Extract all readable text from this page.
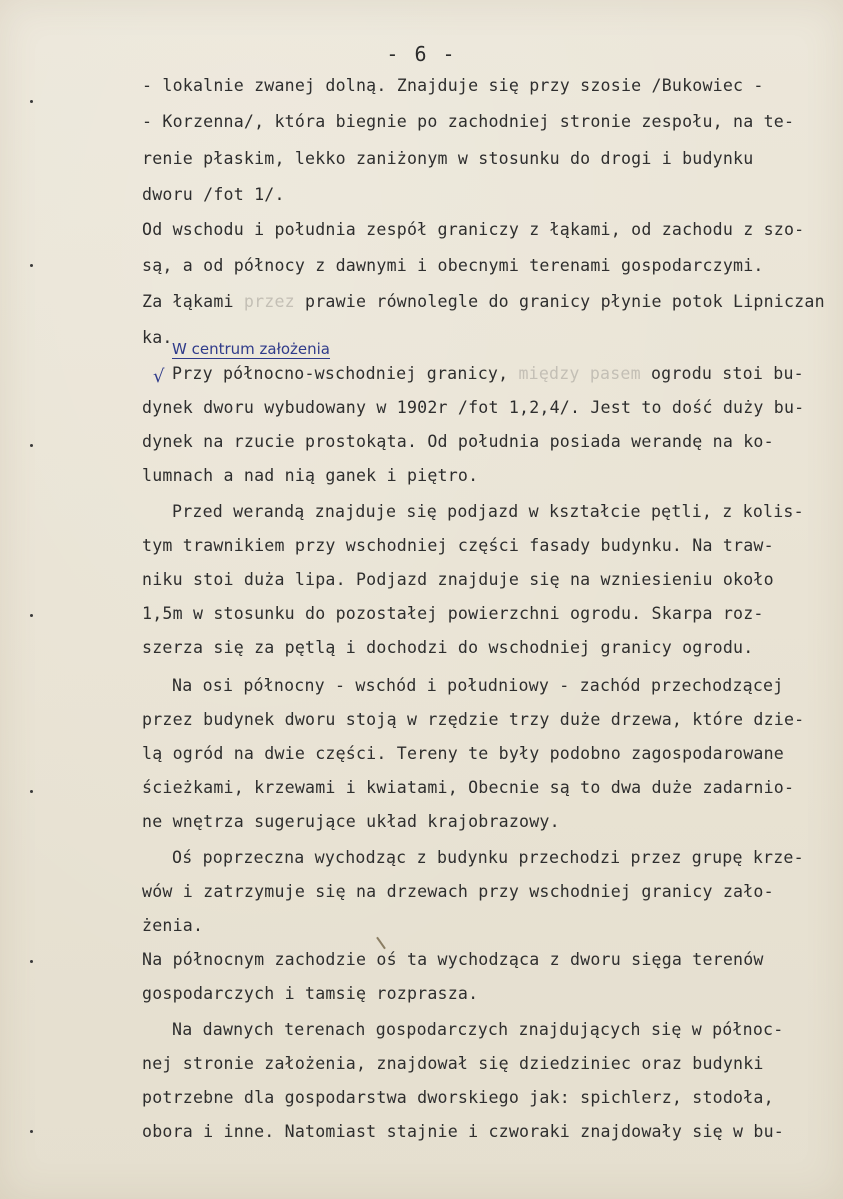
- 6 -
W centrum założenia
√
- lokalnie zwanej dolną. Znajduje się przy szosie /Bukowiec -
- Korzenna/, która biegnie po zachodniej stronie zespołu, na te-
renie płaskim, lekko zaniżonym w stosunku do drogi i budynku
dworu /fot 1/.
Od wschodu i południa zespół graniczy z łąkami, od zachodu z szo-
są, a od północy z dawnymi i obecnymi terenami gospodarczymi.
Za łąkami przez prawie równolegle do granicy płynie potok Lipniczan
ka.
Przy północno-wschodniej granicy, między pasem ogrodu stoi bu-
dynek dworu wybudowany w 1902r /fot 1,2,4/. Jest to dość duży bu-
dynek na rzucie prostokąta. Od południa posiada werandę na ko-
lumnach a nad nią ganek i piętro.
Przed werandą znajduje się podjazd w kształcie pętli, z kolis-
tym trawnikiem przy wschodniej części fasady budynku. Na traw-
niku stoi duża lipa. Podjazd znajduje się na wzniesieniu około
1,5m w stosunku do pozostałej powierzchni ogrodu. Skarpa roz-
szerza się za pętlą i dochodzi do wschodniej granicy ogrodu.
Na osi północny - wschód i południowy - zachód przechodzącej
przez budynek dworu stoją w rzędzie trzy duże drzewa, które dzie-
lą ogród na dwie części. Tereny te były podobno zagospodarowane
ścieżkami, krzewami i kwiatami, Obecnie są to dwa duże zadarnio-
ne wnętrza sugerujące układ krajobrazowy.
Oś poprzeczna wychodząc z budynku przechodzi przez grupę krze-
wów i zatrzymuje się na drzewach przy wschodniej granicy zało-
żenia.
Na północnym zachodzie oś ta wychodząca z dworu sięga terenów
gospodarczych i tamsię rozprasza.
Na dawnych terenach gospodarczych znajdujących się w północ-
nej stronie założenia, znajdował się dziedziniec oraz budynki
potrzebne dla gospodarstwa dworskiego jak: spichlerz, stodoła,
obora i inne. Natomiast stajnie i czworaki znajdowały się w bu-
